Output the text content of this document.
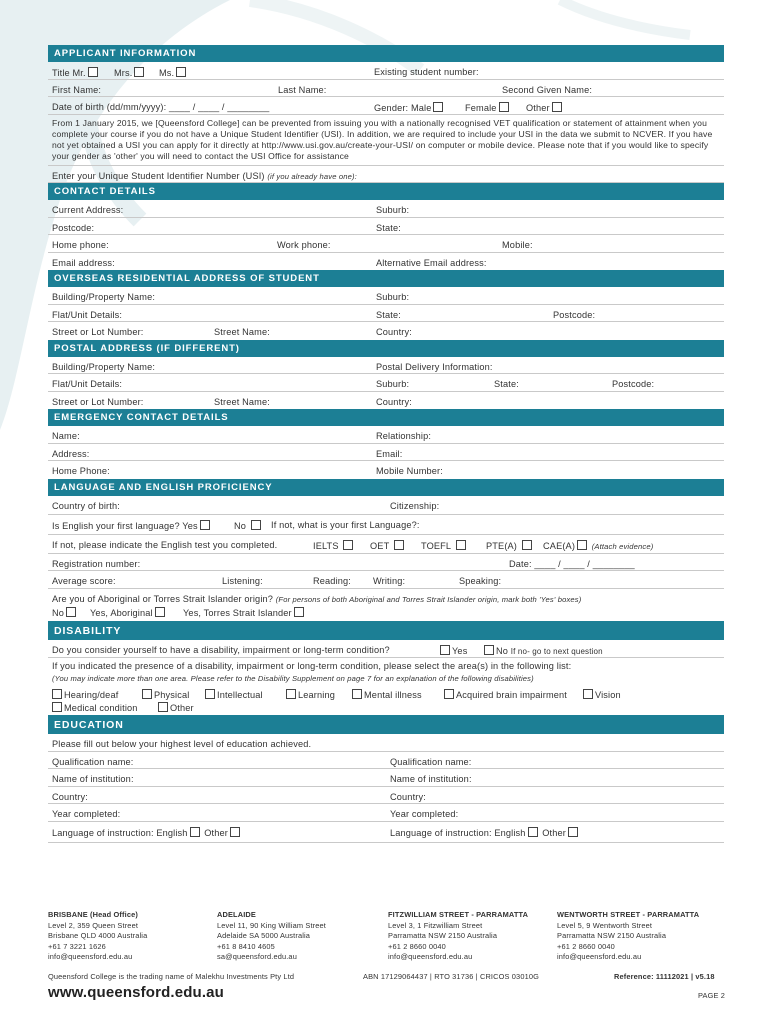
APPLICANT INFORMATION
Title Mr.	Mrs.	Ms.	Existing student number:
First Name:	Last Name:	Second Given Name:
Date of birth (dd/mm/yyyy): ____ / ____ / ________	Gender: Male	Female	Other
From 1 January 2015, we [Queensford College] can be prevented from issuing you with a nationally recognised VET qualification or statement of attainment when you complete your course if you do not have a Unique Student Identifier (USI). In addition, we are required to include your USI in the data we submit to NCVER. If you have not yet obtained a USI you can apply for it directly at http://www.usi.gov.au/create-your-USI/ on computer or mobile device. Please note that if you would like to specify your gender as 'other' you will need to contact the USI Office for assistance
Enter your Unique Student Identifier Number (USI) (if you already have one):
CONTACT DETAILS
Current Address:	Suburb:
Postcode:	State:
Home phone:	Work phone:	Mobile:
Email address:	Alternative Email address:
OVERSEAS RESIDENTIAL ADDRESS OF STUDENT
Building/Property Name:	Suburb:
Flat/Unit Details:	State:	Postcode:
Street or Lot Number:	Street Name:	Country:
POSTAL ADDRESS (IF DIFFERENT)
Building/Property Name:	Postal Delivery Information:
Flat/Unit Details:	Suburb:	State:	Postcode:
Street or Lot Number:	Street Name:	Country:
EMERGENCY CONTACT DETAILS
Name:	Relationship:
Address:	Email:
Home Phone:	Mobile Number:
LANGUAGE AND ENGLISH PROFICIENCY
Country of birth:	Citizenship:
Is English your first language? Yes	No	If not, what is your first Language?:
If not, please indicate the English test you completed.	IELTS	OET	TOEFL	PTE(A)	CAE(A) (Attach evidence)
Registration number:	Date: ____ / ____ / ________
Average score:	Listening:	Reading: Writing:	Speaking:
Are you of Aboriginal or Torres Strait Islander origin? (For persons of both Aboriginal and Torres Strait Islander origin, mark both 'Yes' boxes)
No	Yes, Aboriginal	Yes, Torres Strait Islander
DISABILITY
Do you consider yourself to have a disability, impairment or long-term condition?	Yes	No If no- go to next question
If you indicated the presence of a disability, impairment or long-term condition, please select the area(s) in the following list:
(You may indicate more than one area. Please refer to the Disability Supplement on page 7 for an explanation of the following disabilities)
Hearing/deaf	Physical	Intellectual	Learning	Mental illness	Acquired brain impairment	Vision
Medical condition	Other
EDUCATION
Please fill out below your highest level of education achieved.
Qualification name:	Qualification name:
Name of institution:	Name of institution:
Country:	Country:
Year completed:	Year completed:
Language of instruction: English Other	Language of instruction: English Other
BRISBANE (Head Office)
Level 2, 359 Queen Street
Brisbane QLD 4000 Australia
+61 7 3221 1626
info@queensford.edu.au
ADELAIDE
Level 11, 90 King William Street
Adelaide SA 5000 Australia
+61 8 8410 4605
sa@queensford.edu.au
FITZWILLIAM STREET - PARRAMATTA
Level 3, 1 Fitzwilliam Street
Parramatta NSW 2150 Australia
+61 2 8660 0040
info@queensford.edu.au
WENTWORTH STREET - PARRAMATTA
Level 5, 9 Wentworth Street
Parramatta NSW 2150 Australia
+61 2 8660 0040
info@queensford.edu.au
Queensford College is the trading name of Malekhu Investments Pty Ltd	ABN 17129064437 | RTO 31736 | CRICOS 03010G	Reference: 11112021 | v5.18
www.queensford.edu.au	PAGE 2
